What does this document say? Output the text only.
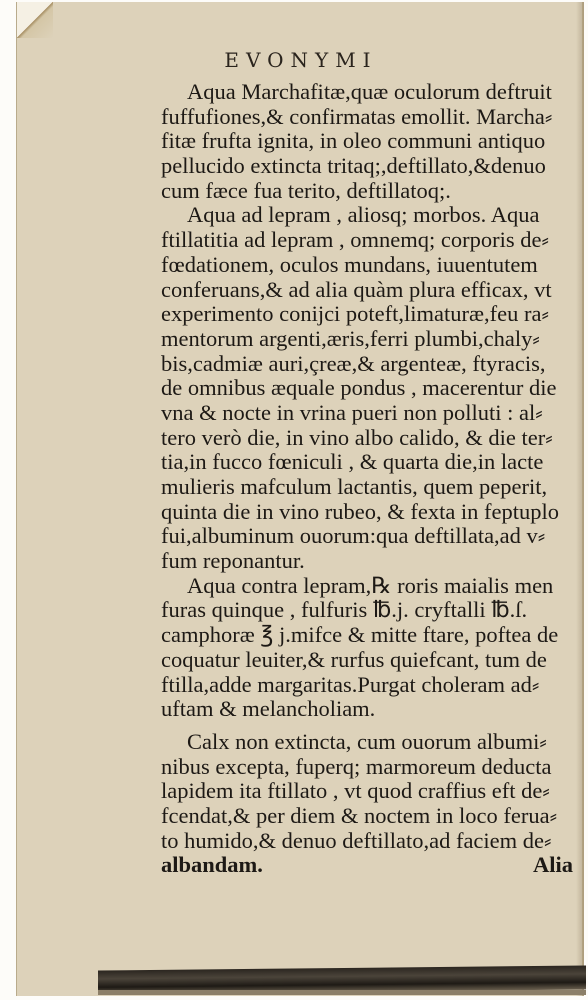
EVONYMI
Aqua Marchafitæ,quæ oculorum deftruit
fuffufiones,& confirmatas emollit. Marcha⸗
fitæ frufta ignita, in oleo communi antiquo
pellucido extincta tritaq;,deftillato,&denuo
cum fæce fua terito, deftillatoq;.
Aqua ad lepram , aliosq; morbos. Aqua
ftillatitia ad lepram , omnemq; corporis de⸗
fœdationem, oculos mundans, iuuentutem
conferuans,& ad alia quàm plura efficax, vt
experimento conijci poteft,limaturæ,feu ra⸗
mentorum argenti,æris,ferri plumbi,chaly⸗
bis,cadmiæ auri,çreæ,& argenteæ, ftyracis,
de omnibus æquale pondus , macerentur die
vna & nocte in vrina pueri non polluti : al⸗
tero verò die, in vino albo calido, & die ter⸗
tia,in fucco fœniculi , & quarta die,in lacte
mulieris mafculum lactantis, quem peperit,
quinta die in vino rubeo, & fexta in feptuplo
fui,albuminum ouorum:qua deftillata,ad v⸗
fum reponantur.
Aqua contra lepram,℞ roris maialis men
furas quinque , fulfuris ℔.j. cryftalli ℔.ſ.
camphoræ ℥ j.mifce & mitte ftare, poftea de
coquatur leuiter,& rurfus quiefcant, tum de
ftilla,adde margaritas.Purgat choleram ad⸗
uftam & melancholiam.
Calx non extincta, cum ouorum albumi⸗
nibus excepta, fuperq; marmoreum deducta
lapidem ita ftillato , vt quod craffius eft de⸗
fcendat,& per diem & noctem in loco ferua⸗
to humido,& denuo deftillato,ad faciem de⸗
albandam.	Alia
